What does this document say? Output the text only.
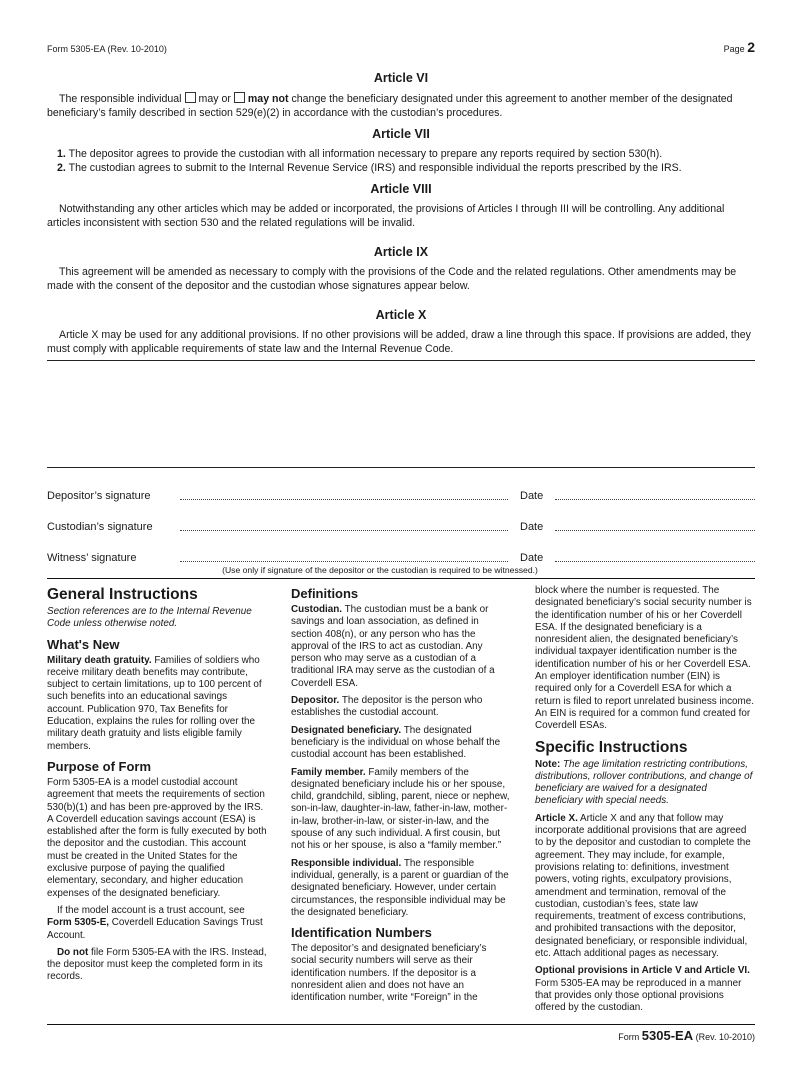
Form 5305-EA (Rev. 10-2010)	Page 2
Article VI
The responsible individual may or may not change the beneficiary designated under this agreement to another member of the designated beneficiary’s family described in section 529(e)(2) in accordance with the custodian’s procedures.
Article VII
1. The depositor agrees to provide the custodian with all information necessary to prepare any reports required by section 530(h).
2. The custodian agrees to submit to the Internal Revenue Service (IRS) and responsible individual the reports prescribed by the IRS.
Article VIII
Notwithstanding any other articles which may be added or incorporated, the provisions of Articles I through III will be controlling. Any additional articles inconsistent with section 530 and the related regulations will be invalid.
Article IX
This agreement will be amended as necessary to comply with the provisions of the Code and the related regulations. Other amendments may be made with the consent of the depositor and the custodian whose signatures appear below.
Article X
Article X may be used for any additional provisions. If no other provisions will be added, draw a line through this space. If provisions are added, they must comply with applicable requirements of state law and the Internal Revenue Code.
Depositor’s signature	Date
Custodian’s signature	Date
Witness’ signature	Date
(Use only if signature of the depositor or the custodian is required to be witnessed.)
General Instructions

Section references are to the Internal Revenue Code unless otherwise noted.

What's New

Military death gratuity. Families of soldiers who receive military death benefits may contribute, subject to certain limitations, up to 100 percent of such benefits into an educational savings account. Publication 970, Tax Benefits for Education, explains the rules for rolling over the military death gratuity and lists eligible family members.

Purpose of Form

Form 5305-EA is a model custodial account agreement that meets the requirements of section 530(b)(1) and has been pre-approved by the IRS. A Coverdell education savings account (ESA) is established after the form is fully executed by both the depositor and the custodian. This account must be created in the United States for the exclusive purpose of paying the qualified elementary, secondary, and higher education expenses of the designated beneficiary.

If the model account is a trust account, see Form 5305-E, Coverdell Education Savings Trust Account.

Do not file Form 5305-EA with the IRS. Instead, the depositor must keep the completed form in its records.

Definitions

Custodian. The custodian must be a bank or savings and loan association, as defined in section 408(n), or any person who has the approval of the IRS to act as custodian. Any person who may serve as a custodian of a traditional IRA may serve as the custodian of a Coverdell ESA.

Depositor. The depositor is the person who establishes the custodial account.

Designated beneficiary. The designated beneficiary is the individual on whose behalf the custodial account has been established.

Family member. Family members of the designated beneficiary include his or her spouse, child, grandchild, sibling, parent, niece or nephew, son-in-law, daughter-in-law, father-in-law, mother-in-law, brother-in-law, or sister-in-law, and the spouse of any such individual. A first cousin, but not his or her spouse, is also a “family member.”

Responsible individual. The responsible individual, generally, is a parent or guardian of the designated beneficiary. However, under certain circumstances, the responsible individual may be the designated beneficiary.

Identification Numbers

The depositor’s and designated beneficiary’s social security numbers will serve as their identification numbers. If the depositor is a nonresident alien and does not have an identification number, write “Foreign” in the

block where the number is requested. The designated beneficiary’s social security number is the identification number of his or her Coverdell ESA. If the designated beneficiary is a nonresident alien, the designated beneficiary’s individual taxpayer identification number is the identification number of his or her Coverdell ESA. An employer identification number (EIN) is required only for a Coverdell ESA for which a return is filed to report unrelated business income. An EIN is required for a common fund created for Coverdell ESAs.

Specific Instructions

Note: The age limitation restricting contributions, distributions, rollover contributions, and change of beneficiary are waived for a designated beneficiary with special needs.

Article X. Article X and any that follow may incorporate additional provisions that are agreed to by the depositor and custodian to complete the agreement. They may include, for example, provisions relating to: definitions, investment powers, voting rights, exculpatory provisions, amendment and termination, removal of the custodian, custodian’s fees, state law requirements, treatment of excess contributions, and prohibited transactions with the depositor, designated beneficiary, or responsible individual, etc. Attach additional pages as necessary.

Optional provisions in Article V and Article VI. Form 5305-EA may be reproduced in a manner that provides only those optional provisions offered by the custodian.

Form 5305-EA (Rev. 10-2010)
